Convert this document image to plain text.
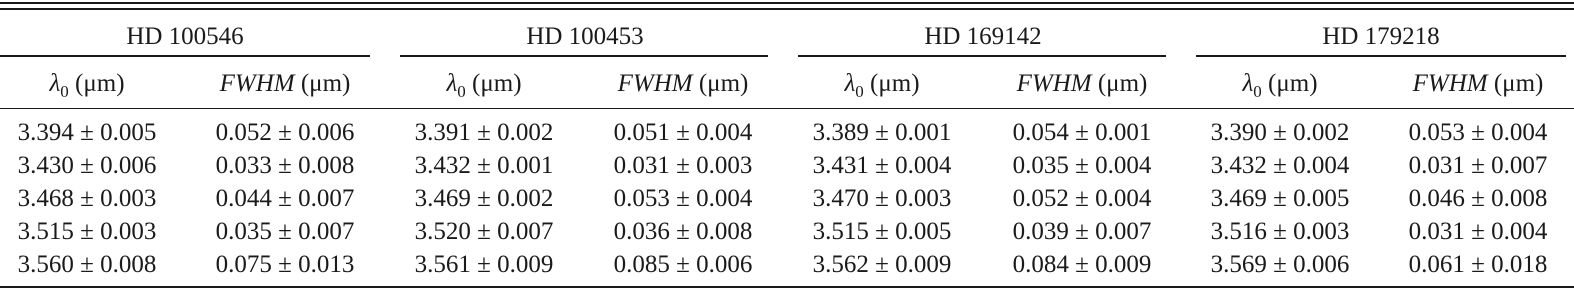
HD 100546	HD 100453	HD 169142	HD 179218
$\lambda_0$ (μm)	FWHM (μm)	$\lambda_0$ (μm)	FWHM (μm)	$\lambda_0$ (μm)	FWHM (μm)	$\lambda_0$ (μm)	FWHM (μm)
3.394 ± 0.005	0.052 ± 0.006	3.391 ± 0.002	0.051 ± 0.004	3.389 ± 0.001	0.054 ± 0.001	3.390 ± 0.002	0.053 ± 0.004
3.430 ± 0.006	0.033 ± 0.008	3.432 ± 0.001	0.031 ± 0.003	3.431 ± 0.004	0.035 ± 0.004	3.432 ± 0.004	0.031 ± 0.007
3.468 ± 0.003	0.044 ± 0.007	3.469 ± 0.002	0.053 ± 0.004	3.470 ± 0.003	0.052 ± 0.004	3.469 ± 0.005	0.046 ± 0.008
3.515 ± 0.003	0.035 ± 0.007	3.520 ± 0.007	0.036 ± 0.008	3.515 ± 0.005	0.039 ± 0.007	3.516 ± 0.003	0.031 ± 0.004
3.560 ± 0.008	0.075 ± 0.013	3.561 ± 0.009	0.085 ± 0.006	3.562 ± 0.009	0.084 ± 0.009	3.569 ± 0.006	0.061 ± 0.018
